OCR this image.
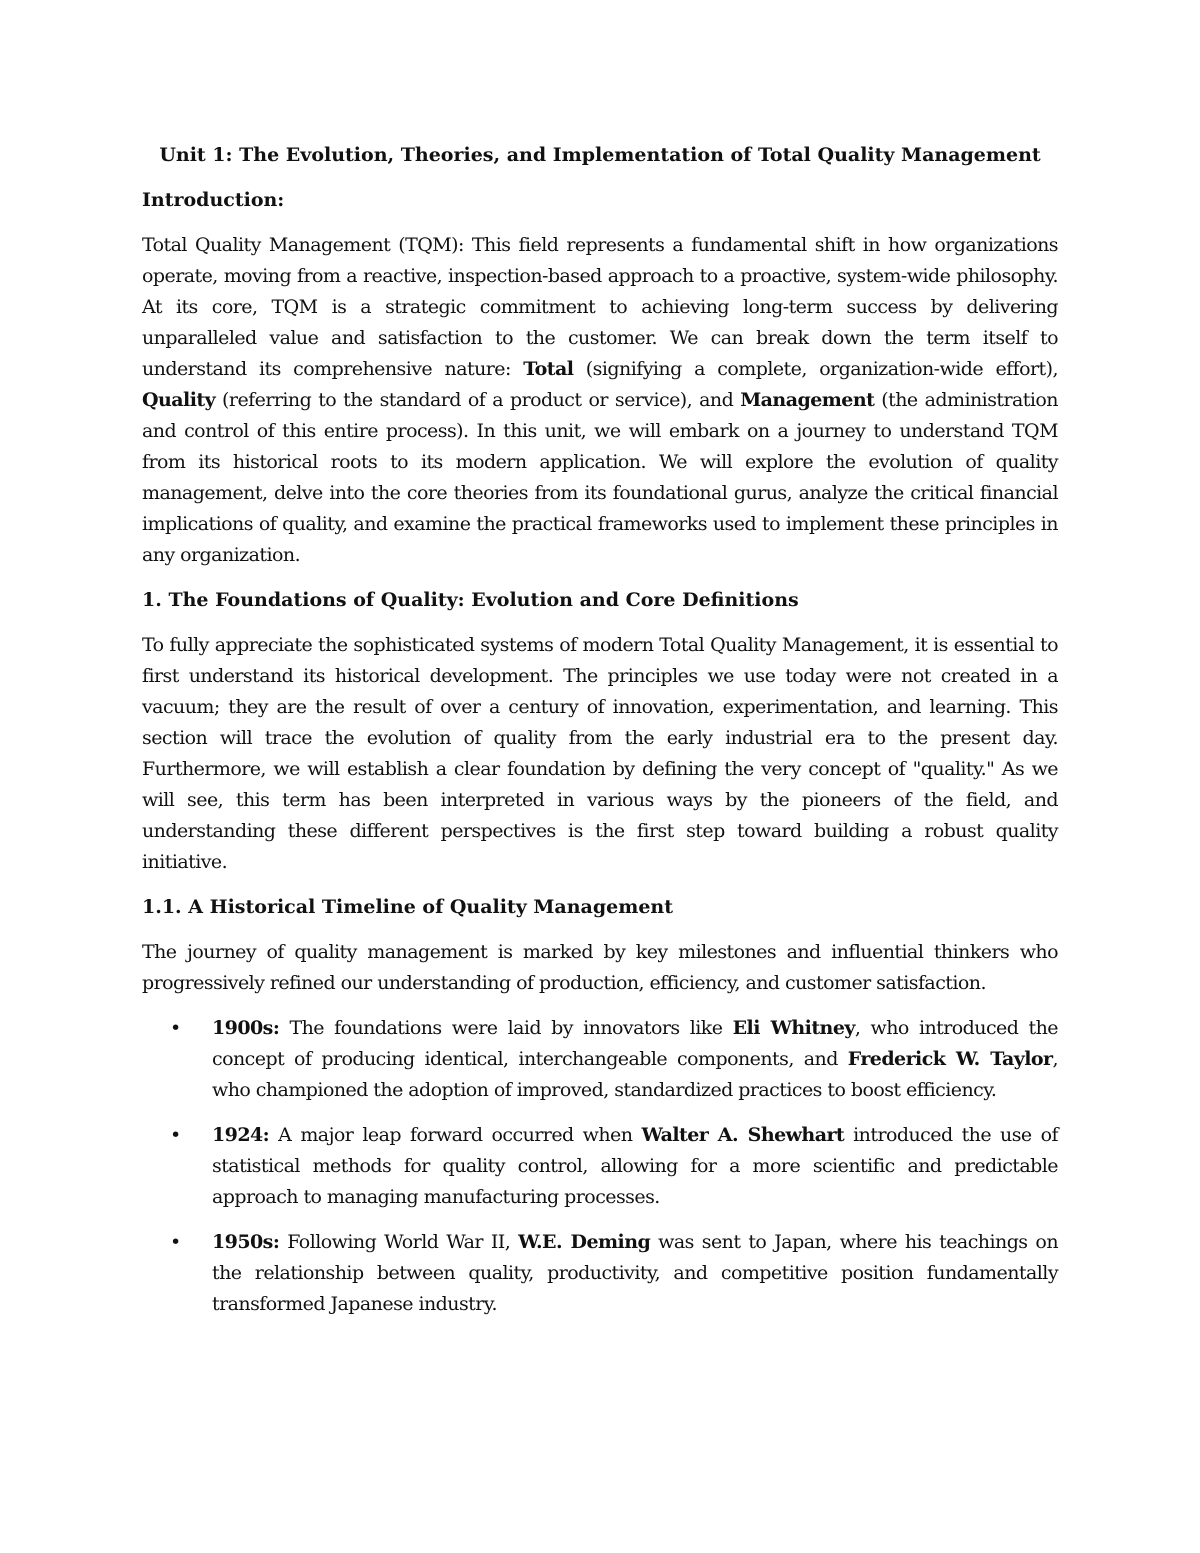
Unit 1: The Evolution, Theories, and Implementation of Total Quality Management
Introduction:

Total Quality Management (TQM): This field represents a fundamental shift in how organizations operate, moving from a reactive, inspection-based approach to a proactive, system-wide philosophy. At its core, TQM is a strategic commitment to achieving long-term success by delivering unparalleled value and satisfaction to the customer. We can break down the term itself to understand its comprehensive nature: Total (signifying a complete, organization-wide effort), Quality (referring to the standard of a product or service), and Management (the administration and control of this entire process). In this unit, we will embark on a journey to understand TQM from its historical roots to its modern application. We will explore the evolution of quality management, delve into the core theories from its foundational gurus, analyze the critical financial implications of quality, and examine the practical frameworks used to implement these principles in any organization.

1. The Foundations of Quality: Evolution and Core Definitions

To fully appreciate the sophisticated systems of modern Total Quality Management, it is essential to first understand its historical development. The principles we use today were not created in a vacuum; they are the result of over a century of innovation, experimentation, and learning. This section will trace the evolution of quality from the early industrial era to the present day. Furthermore, we will establish a clear foundation by defining the very concept of "quality." As we will see, this term has been interpreted in various ways by the pioneers of the field, and understanding these different perspectives is the first step toward building a robust quality initiative.

1.1. A Historical Timeline of Quality Management

The journey of quality management is marked by key milestones and influential thinkers who progressively refined our understanding of production, efficiency, and customer satisfaction.

• 1900s: The foundations were laid by innovators like Eli Whitney, who introduced the concept of producing identical, interchangeable components, and Frederick W. Taylor, who championed the adoption of improved, standardized practices to boost efficiency.
• 1924: A major leap forward occurred when Walter A. Shewhart introduced the use of statistical methods for quality control, allowing for a more scientific and predictable approach to managing manufacturing processes.
• 1950s: Following World War II, W.E. Deming was sent to Japan, where his teachings on the relationship between quality, productivity, and competitive position fundamentally transformed Japanese industry.
